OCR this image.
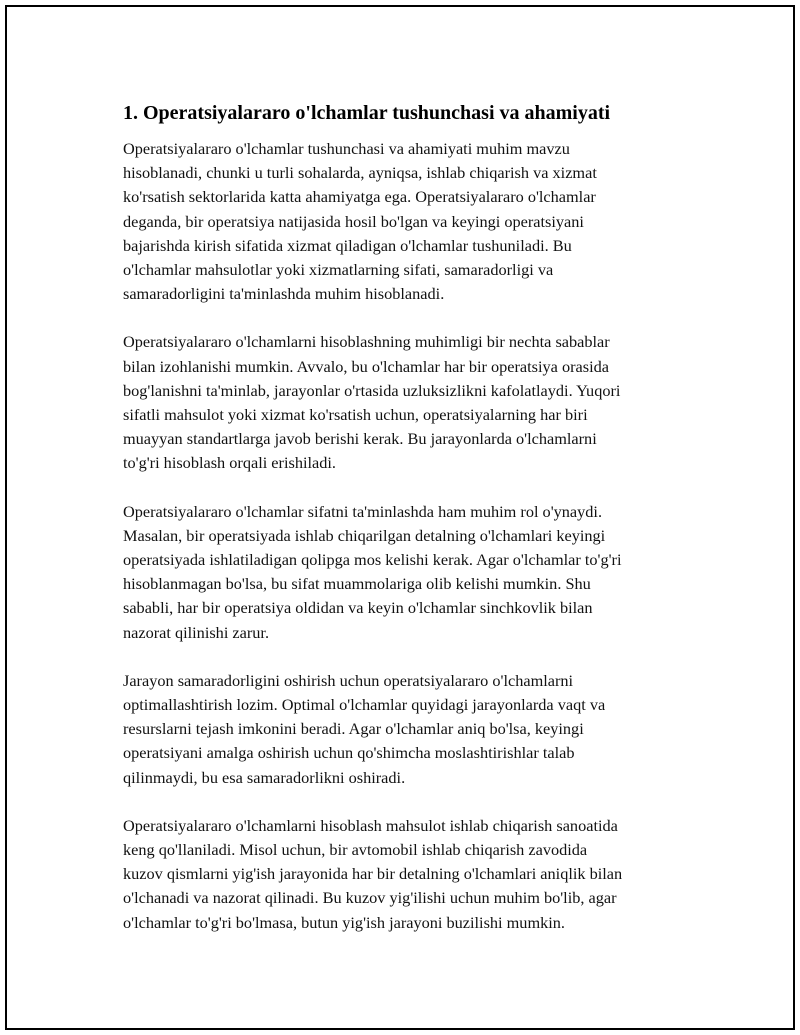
1. Operatsiyalararo o'lchamlar tushunchasi va ahamiyati

Operatsiyalararo o'lchamlar tushunchasi va ahamiyati muhim mavzu
hisoblanadi, chunki u turli sohalarda, ayniqsa, ishlab chiqarish va xizmat
ko'rsatish sektorlarida katta ahamiyatga ega. Operatsiyalararo o'lchamlar
deganda, bir operatsiya natijasida hosil bo'lgan va keyingi operatsiyani
bajarishda kirish sifatida xizmat qiladigan o'lchamlar tushuniladi. Bu
o'lchamlar mahsulotlar yoki xizmatlarning sifati, samaradorligi va
samaradorligini ta'minlashda muhim hisoblanadi.

Operatsiyalararo o'lchamlarni hisoblashning muhimligi bir nechta sabablar
bilan izohlanishi mumkin. Avvalo, bu o'lchamlar har bir operatsiya orasida
bog'lanishni ta'minlab, jarayonlar o'rtasida uzluksizlikni kafolatlaydi. Yuqori
sifatli mahsulot yoki xizmat ko'rsatish uchun, operatsiyalarning har biri
muayyan standartlarga javob berishi kerak. Bu jarayonlarda o'lchamlarni
to'g'ri hisoblash orqali erishiladi.

Operatsiyalararo o'lchamlar sifatni ta'minlashda ham muhim rol o'ynaydi.
Masalan, bir operatsiyada ishlab chiqarilgan detalning o'lchamlari keyingi
operatsiyada ishlatiladigan qolipga mos kelishi kerak. Agar o'lchamlar to'g'ri
hisoblanmagan bo'lsa, bu sifat muammolariga olib kelishi mumkin. Shu
sababli, har bir operatsiya oldidan va keyin o'lchamlar sinchkovlik bilan
nazorat qilinishi zarur.

Jarayon samaradorligini oshirish uchun operatsiyalararo o'lchamlarni
optimallashtirish lozim. Optimal o'lchamlar quyidagi jarayonlarda vaqt va
resurslarni tejash imkonini beradi. Agar o'lchamlar aniq bo'lsa, keyingi
operatsiyani amalga oshirish uchun qo'shimcha moslashtirishlar talab
qilinmaydi, bu esa samaradorlikni oshiradi.

Operatsiyalararo o'lchamlarni hisoblash mahsulot ishlab chiqarish sanoatida
keng qo'llaniladi. Misol uchun, bir avtomobil ishlab chiqarish zavodida
kuzov qismlarni yig'ish jarayonida har bir detalning o'lchamlari aniqlik bilan
o'lchanadi va nazorat qilinadi. Bu kuzov yig'ilishi uchun muhim bo'lib, agar
o'lchamlar to'g'ri bo'lmasa, butun yig'ish jarayoni buzilishi mumkin.
